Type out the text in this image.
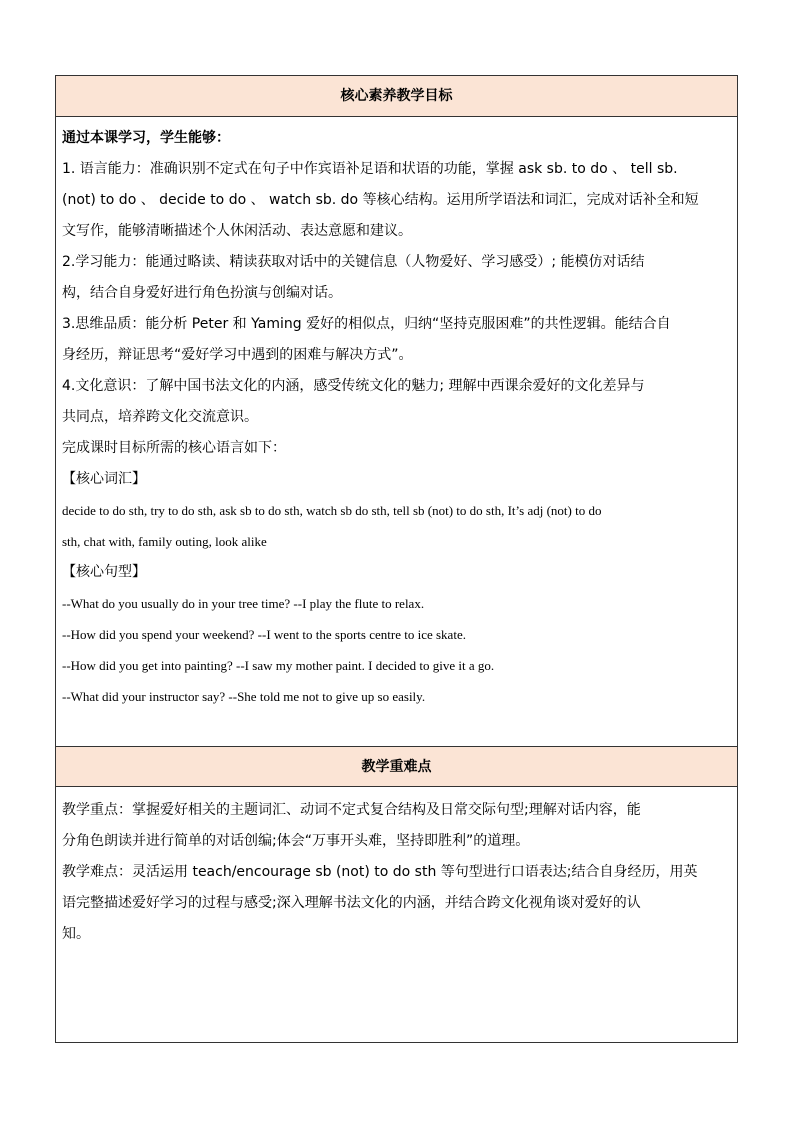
核心素养教学目标
通过本课学习，学生能够：
1. 语言能力：准确识别不定式在句子中作宾语补足语和状语的功能，掌握 ask sb. to do 、 tell sb.
(not) to do 、 decide to do 、 watch sb. do 等核心结构。运用所学语法和词汇，完成对话补全和短
文写作，能够清晰描述个人休闲活动、表达意愿和建议。
2.学习能力：能通过略读、精读获取对话中的关键信息（人物爱好、学习感受）; 能模仿对话结
构，结合自身爱好进行角色扮演与创编对话。
3.思维品质：能分析 Peter 和 Yaming 爱好的相似点，归纳“坚持克服困难”的共性逻辑。能结合自
身经历，辩证思考“爱好学习中遇到的困难与解决方式”。
4.文化意识：了解中国书法文化的内涵，感受传统文化的魅力; 理解中西课余爱好的文化差异与
共同点，培养跨文化交流意识。
完成课时目标所需的核心语言如下：
【核心词汇】
decide to do sth, try to do sth, ask sb to do sth, watch sb do sth, tell sb (not) to do sth, It’s adj (not) to do
sth, chat with, family outing, look alike
【核心句型】
--What do you usually do in your tree time? --I play the flute to relax.
--How did you spend your weekend? --I went to the sports centre to ice skate.
--How did you get into painting? --I saw my mother paint. I decided to give it a go.
--What did your instructor say? --She told me not to give up so easily.
教学重难点
教学重点：掌握爱好相关的主题词汇、动词不定式复合结构及日常交际句型;理解对话内容，能
分角色朗读并进行简单的对话创编;体会“万事开头难，坚持即胜利”的道理。
教学难点：灵活运用 teach/encourage sb (not) to do sth 等句型进行口语表达;结合自身经历，用英
语完整描述爱好学习的过程与感受;深入理解书法文化的内涵，并结合跨文化视角谈对爱好的认
知。
